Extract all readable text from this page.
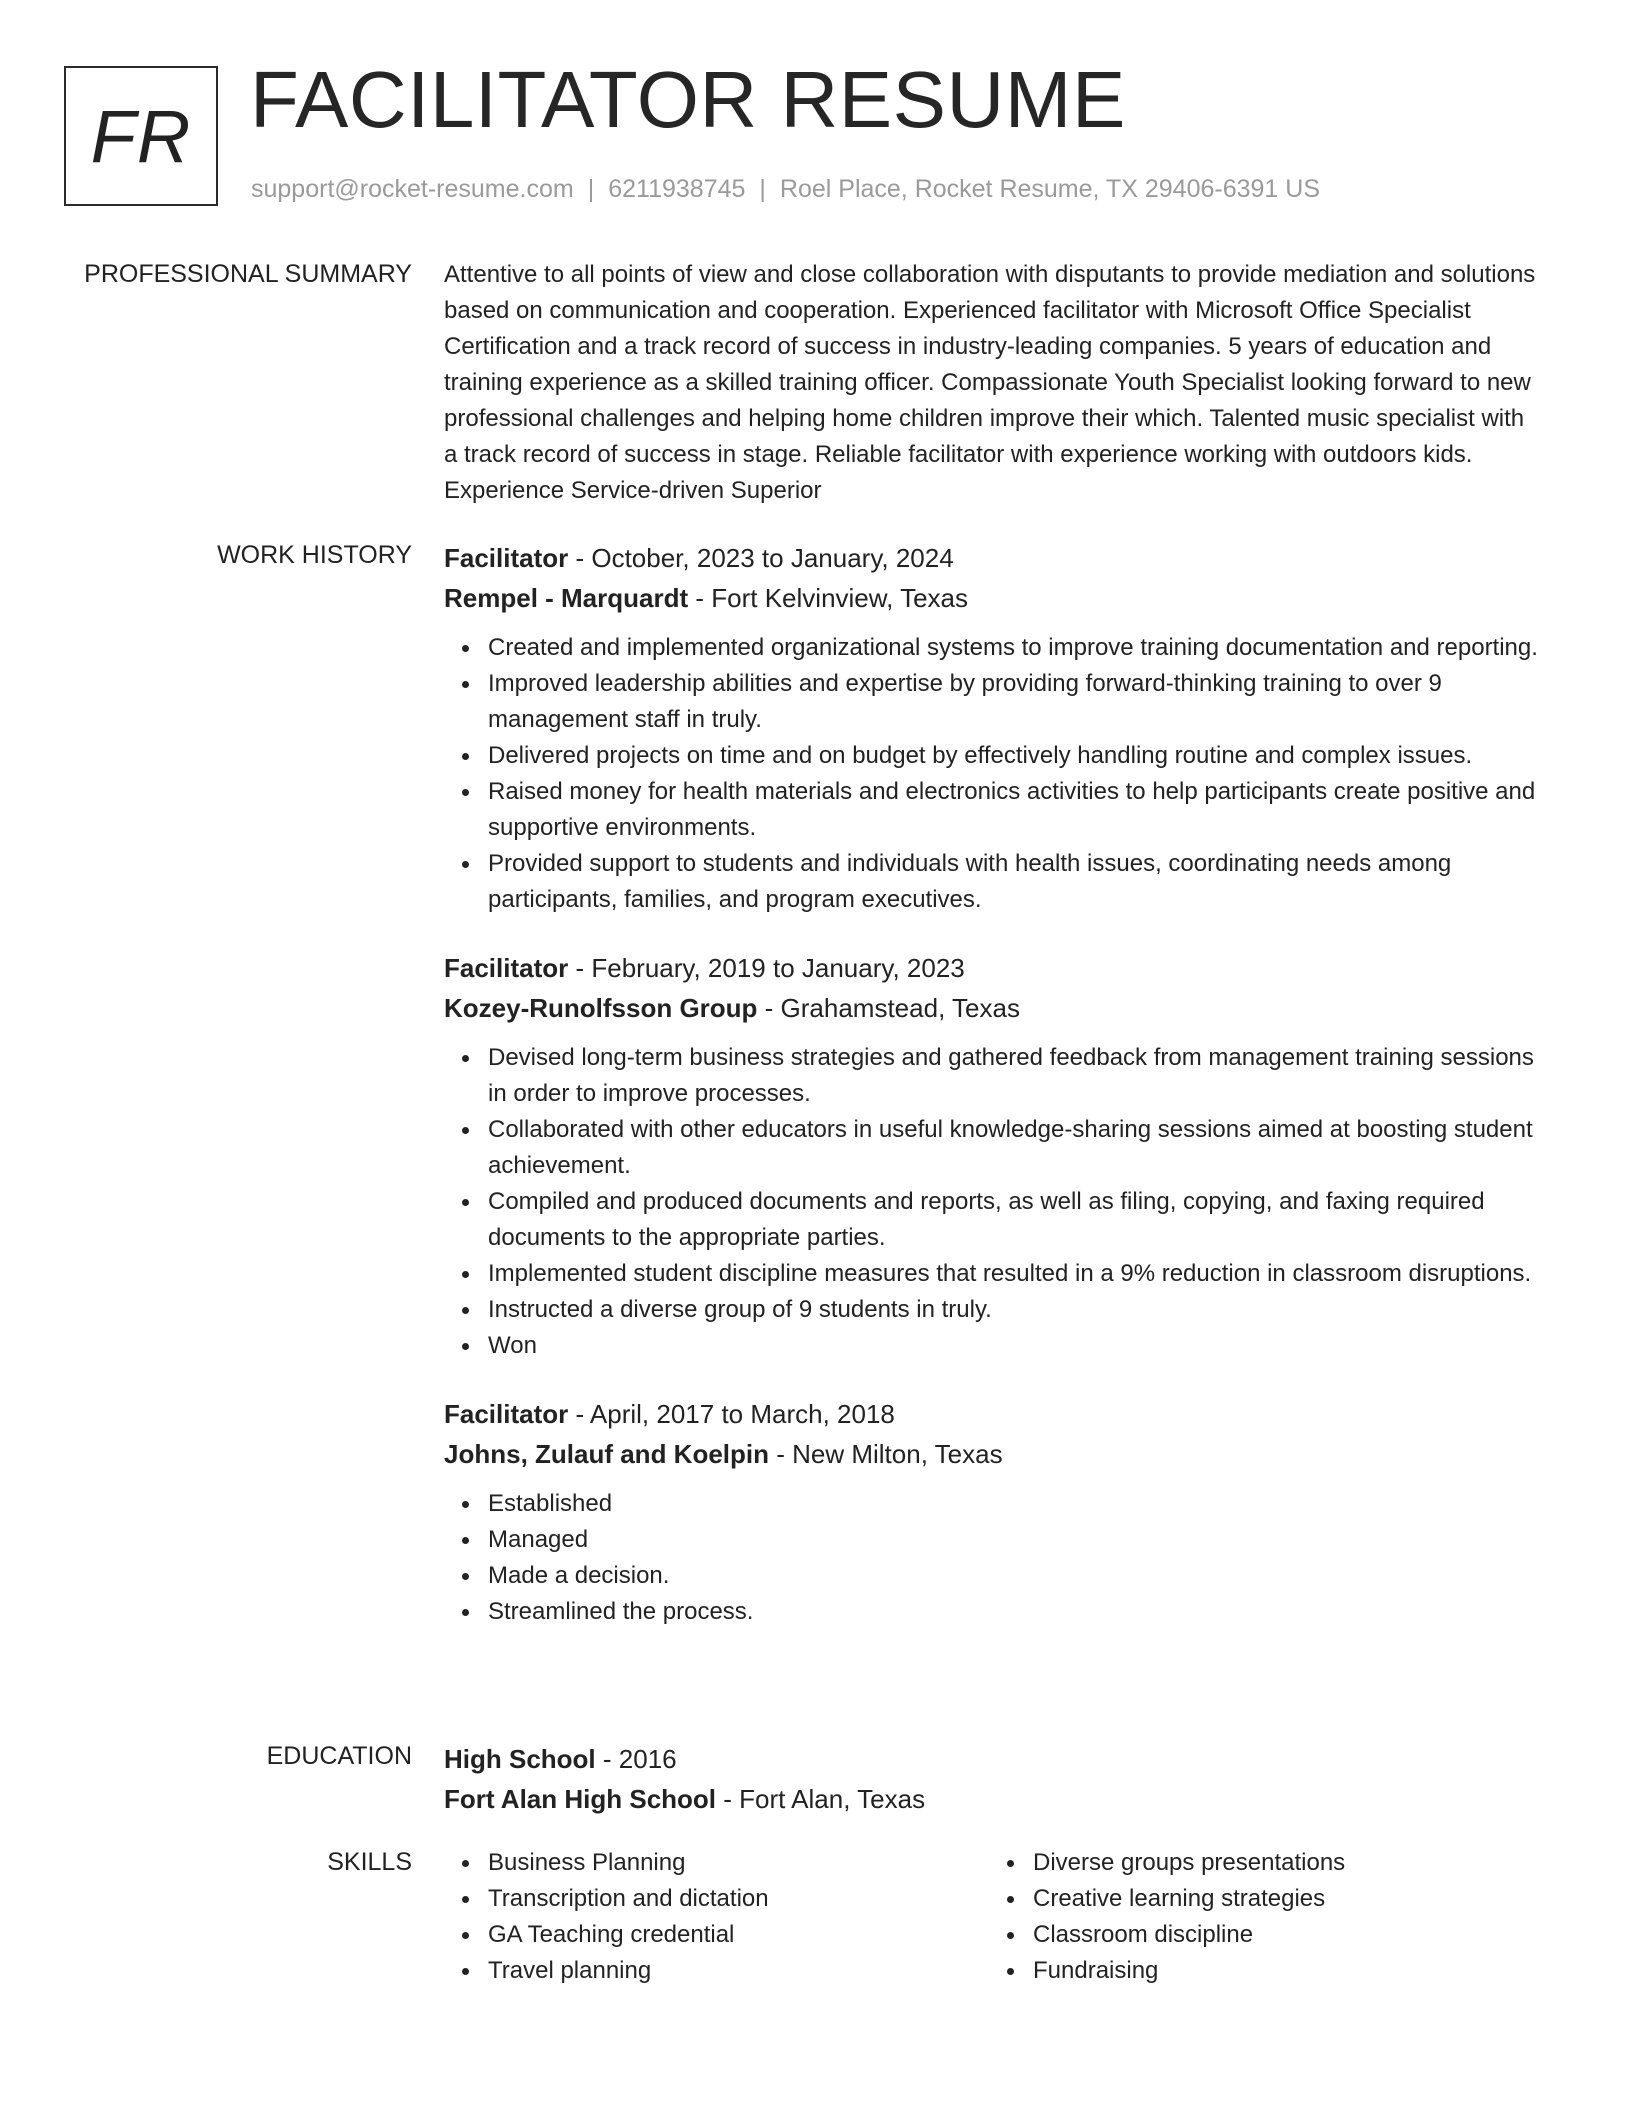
FR FACILITATOR RESUME
support@rocket-resume.com | 6211938745 | Roel Place, Rocket Resume, TX 29406-6391 US
PROFESSIONAL SUMMARY Attentive to all points of view and close collaboration with disputants to provide mediation and solutions based on communication and cooperation. Experienced facilitator with Microsoft Office Specialist Certification and a track record of success in industry-leading companies. 5 years of education and training experience as a skilled training officer. Compassionate Youth Specialist looking forward to new professional challenges and helping home children improve their which. Talented music specialist with a track record of success in stage. Reliable facilitator with experience working with outdoors kids. Experience Service-driven Superior

WORK HISTORY Facilitator - October, 2023 to January, 2024

Rempel - Marquardt - Fort Kelvinview, Texas

Created and implemented organizational systems to improve training documentation and reporting.
Improved leadership abilities and expertise by providing forward-thinking training to over 9 management staff in truly.
Delivered projects on time and on budget by effectively handling routine and complex issues.
Raised money for health materials and electronics activities to help participants create positive and supportive environments.
Provided support to students and individuals with health issues, coordinating needs among participants, families, and program executives.

Facilitator - February, 2019 to January, 2023

Kozey-Runolfsson Group - Grahamstead, Texas

Devised long-term business strategies and gathered feedback from management training sessions in order to improve processes.
Collaborated with other educators in useful knowledge-sharing sessions aimed at boosting student achievement.
Compiled and produced documents and reports, as well as filing, copying, and faxing required documents to the appropriate parties.
Implemented student discipline measures that resulted in a 9% reduction in classroom disruptions.
Instructed a diverse group of 9 students in truly.
Won

Facilitator - April, 2017 to March, 2018

Johns, Zulauf and Koelpin - New Milton, Texas

Established
Managed
Made a decision.
Streamlined the process.
EDUCATION High School - 2016

Fort Alan High School - Fort Alan, Texas

SKILLS	Business Planning
Transcription and dictation
GA Teaching credential
Travel planning
Diverse groups presentations
Creative learning strategies
Classroom discipline
Fundraising
